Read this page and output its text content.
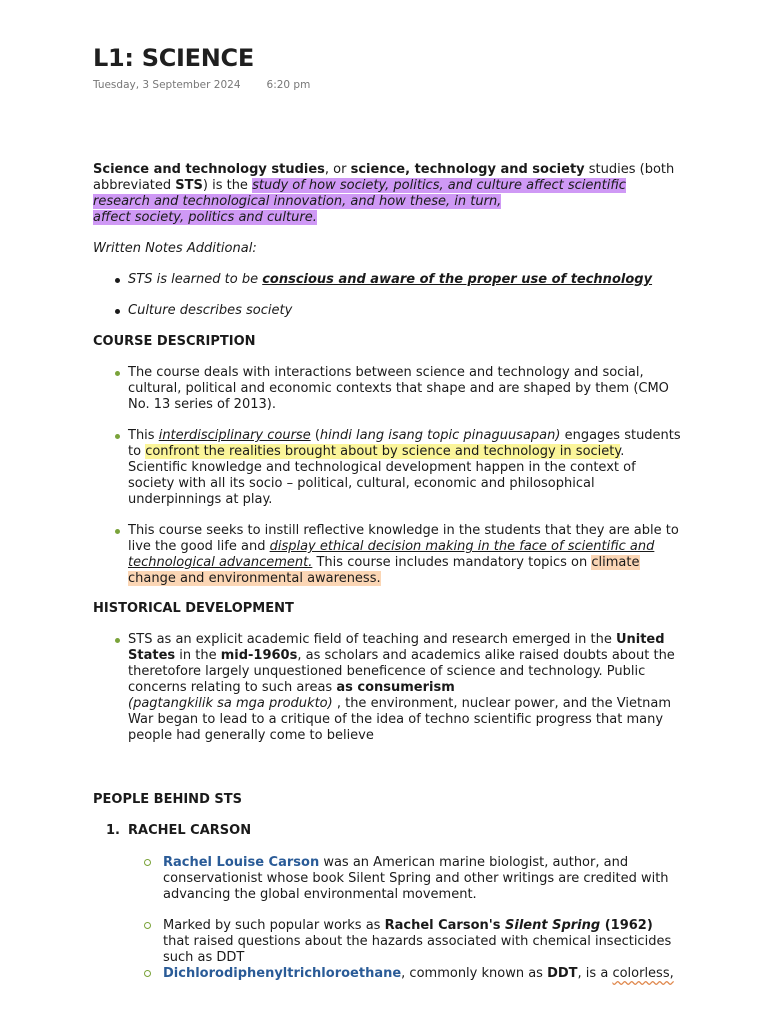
L1: SCIENCE
Tuesday, 3 September 2024 6:20 pm

Science and technology studies, or science, technology and society studies (both abbreviated STS) is the study of how society, politics, and culture affect scientific research and technological innovation, and how these, in turn,
affect society, politics and culture.

Written Notes Additional:

STS is learned to be conscious and aware of the proper use of technology
Culture describes society

COURSE DESCRIPTION

The course deals with interactions between science and technology and social, cultural, political and economic contexts that shape and are shaped by them (CMO No. 13 series of 2013).
This interdisciplinary course (hindi lang isang topic pinaguusapan) engages students to confront the realities brought about by science and technology in society. Scientific knowledge and technological development happen in the context of society with all its socio – political, cultural, economic and philosophical underpinnings at play.
This course seeks to instill reflective knowledge in the students that they are able to live the good life and display ethical decision making in the face of scientific and technological advancement. This course includes mandatory topics on climate change and environmental awareness.

HISTORICAL DEVELOPMENT

STS as an explicit academic field of teaching and research emerged in the United States in the mid-1960s, as scholars and academics alike raised doubts about the theretofore largely unquestioned beneficence of science and technology. Public concerns relating to such areas as consumerism
(pagtangkilik sa mga produkto) , the environment, nuclear power, and the Vietnam War began to lead to a critique of the idea of techno scientific progress that many people had generally come to believe

PEOPLE BEHIND STS

1. RACHEL CARSON
Rachel Louise Carson was an American marine biologist, author, and conservationist whose book Silent Spring and other writings are credited with advancing the global environmental movement.
Marked by such popular works as Rachel Carson's Silent Spring (1962) that raised questions about the hazards associated with chemical insecticides such as DDT
Dichlorodiphenyltrichloroethane, commonly known as DDT, is a colorless,
